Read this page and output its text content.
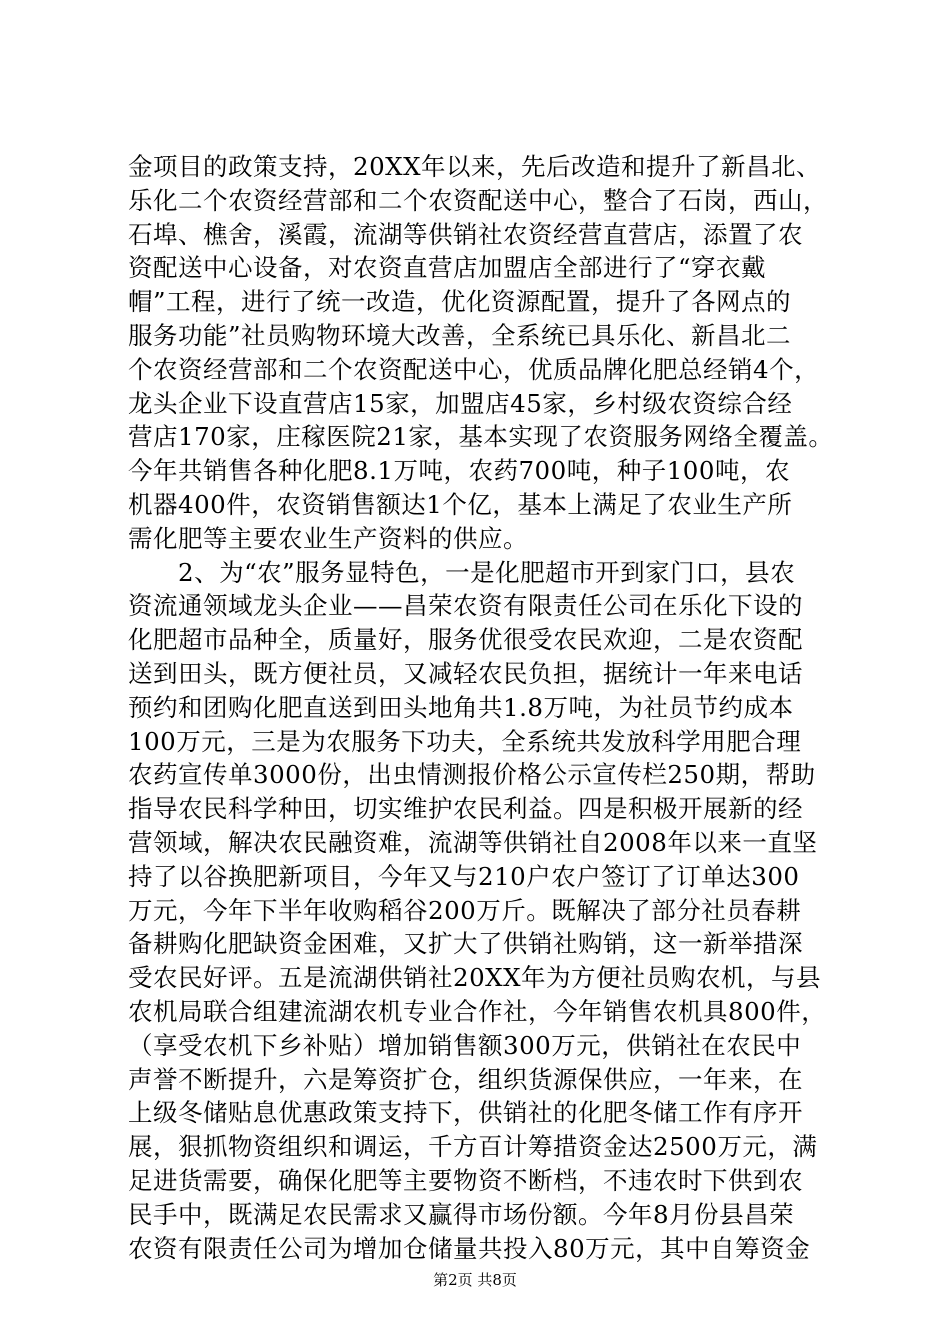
金项目的政策支持，20XX年以来，先后改造和提升了新昌北、
乐化二个农资经营部和二个农资配送中心，整合了石岗，西山，
石埠、樵舍，溪霞，流湖等供销社农资经营直营店，添置了农
资配送中心设备，对农资直营店加盟店全部进行了“穿衣戴
帽”工程，进行了统一改造，优化资源配置，提升了各网点的
服务功能”社员购物环境大改善，全系统已具乐化、新昌北二
个农资经营部和二个农资配送中心，优质品牌化肥总经销4个，
龙头企业下设直营店15家，加盟店45家，乡村级农资综合经
营店170家，庄稼医院21家，基本实现了农资服务网络全覆盖。
今年共销售各种化肥8.1万吨，农药700吨，种子100吨，农
机器400件，农资销售额达1个亿，基本上满足了农业生产所
需化肥等主要农业生产资料的供应。
　　2、为“农”服务显特色，一是化肥超市开到家门口，县农
资流通领域龙头企业——昌荣农资有限责任公司在乐化下设的
化肥超市品种全，质量好，服务优很受农民欢迎，二是农资配
送到田头，既方便社员，又减轻农民负担，据统计一年来电话
预约和团购化肥直送到田头地角共1.8万吨，为社员节约成本
100万元，三是为农服务下功夫，全系统共发放科学用肥合理
农药宣传单3000份，出虫情测报价格公示宣传栏250期，帮助
指导农民科学种田，切实维护农民利益。四是积极开展新的经
营领域，解决农民融资难，流湖等供销社自2008年以来一直坚
持了以谷换肥新项目，今年又与210户农户签订了订单达300
万元，今年下半年收购稻谷200万斤。既解决了部分社员春耕
备耕购化肥缺资金困难，又扩大了供销社购销，这一新举措深
受农民好评。五是流湖供销社20XX年为方便社员购农机，与县
农机局联合组建流湖农机专业合作社，今年销售农机具800件，
（享受农机下乡补贴）增加销售额300万元，供销社在农民中
声誉不断提升，六是筹资扩仓，组织货源保供应，一年来，在
上级冬储贴息优惠政策支持下，供销社的化肥冬储工作有序开
展，狠抓物资组织和调运，千方百计筹措资金达2500万元，满
足进货需要，确保化肥等主要物资不断档，不违农时下供到农
民手中，既满足农民需求又赢得市场份额。今年8月份县昌荣
农资有限责任公司为增加仓储量共投入80万元，其中自筹资金
第2页 共8页
